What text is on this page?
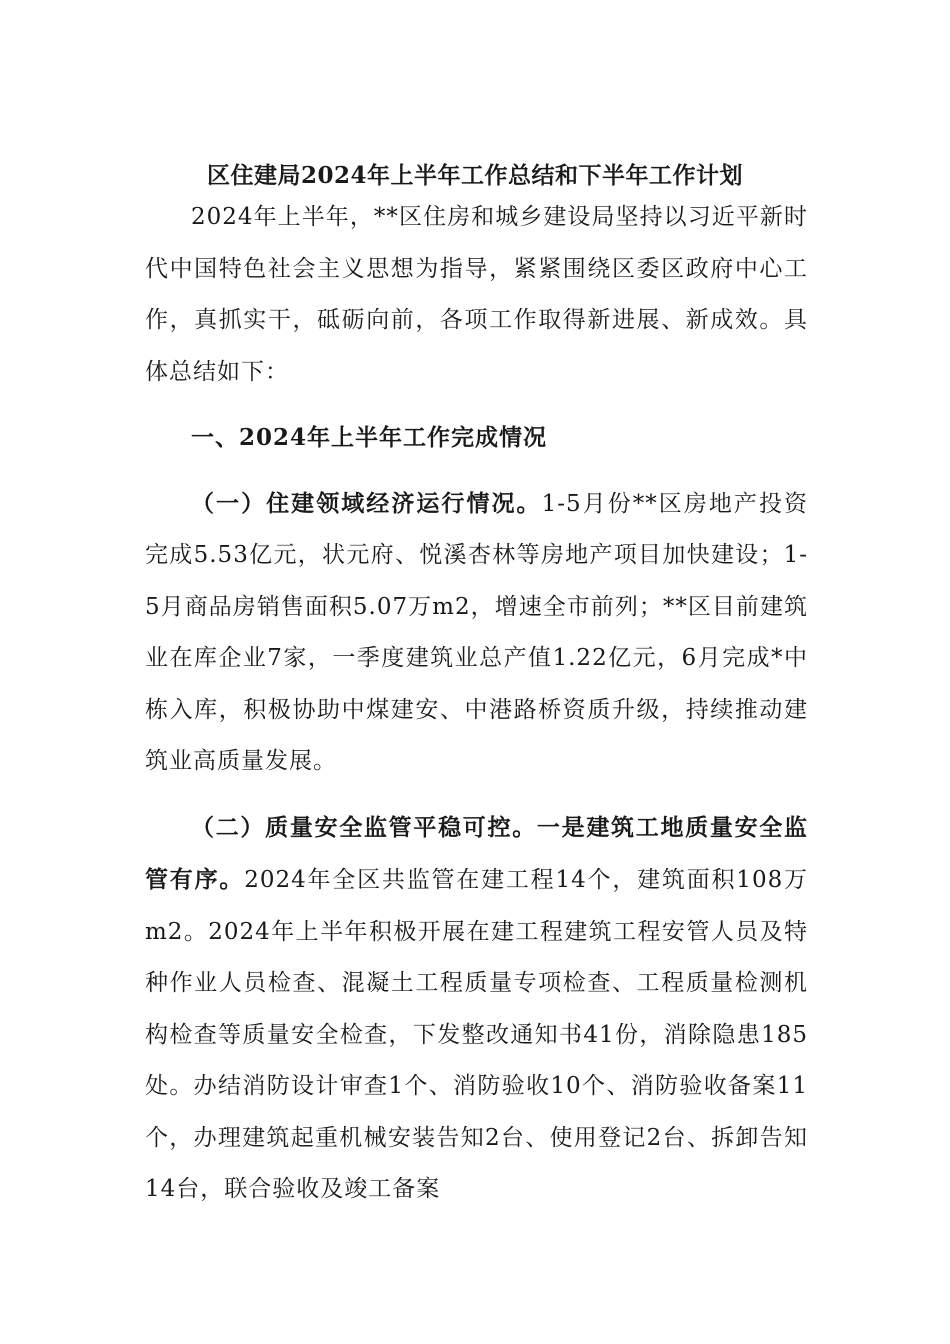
区住建局2024年上半年工作总结和下半年工作计划

2024年上半年，**区住房和城乡建设局坚持以习近平新时代中国特色社会主义思想为指导，紧紧围绕区委区政府中心工作，真抓实干，砥砺向前，各项工作取得新进展、新成效。具体总结如下：

一、2024年上半年工作完成情况

（一）住建领域经济运行情况。1-5月份**区房地产投资完成5.53亿元，状元府、悦溪杏林等房地产项目加快建设；1-5月商品房销售面积5.07万m2，增速全市前列；**区目前建筑业在库企业7家，一季度建筑业总产值1.22亿元，6月完成*中栋入库，积极协助中煤建安、中港路桥资质升级，持续推动建筑业高质量发展。

（二）质量安全监管平稳可控。一是建筑工地质量安全监管有序。2024年全区共监管在建工程14个，建筑面积108万m2。2024年上半年积极开展在建工程建筑工程安管人员及特种作业人员检查、混凝土工程质量专项检查、工程质量检测机构检查等质量安全检查，下发整改通知书41份，消除隐患185处。办结消防设计审查1个、消防验收10个、消防验收备案11个，办理建筑起重机械安装告知2台、使用登记2台、拆卸告知14台，联合验收及竣工备案
